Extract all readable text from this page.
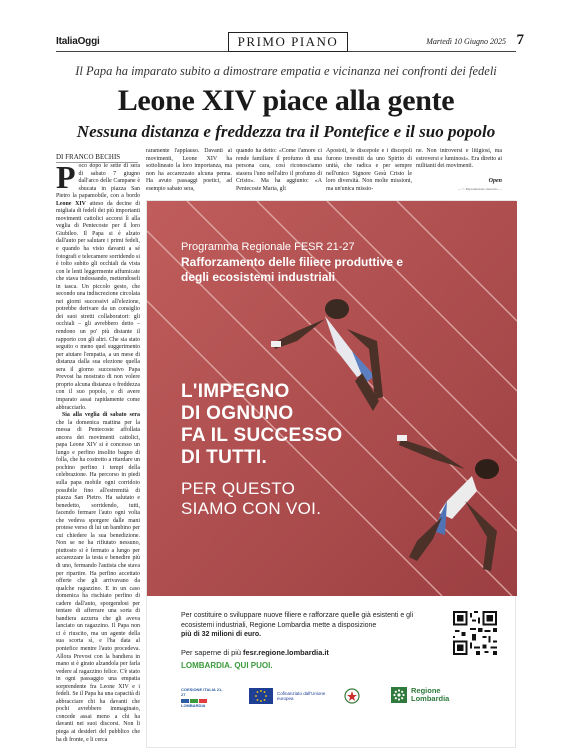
ItaliaOggi	PRIMO PIANO	Martedì 10 Giugno 2025 7
Il Papa ha imparato subito a dimostrare empatia e vicinanza nei confronti dei fedeli
Leone XIV piace alla gente
Nessuna distanza e freddezza tra il Pontefice e il suo popolo
DI FRANCO BECHIS

Poco dopo le sette di sera di sabato 7 giugno dall'arco delle Campane è sbucata in piazza San Pietro la papamobile, con a bordo Leone XIV atteso da decine di migliaia di fedeli dei più importanti movimenti cattolici accorsi lì alla veglia di Pentecoste per il loro Giubileo. Il Papa si è alzato dall'auto per salutare i primi fedeli, e quando ha visto davanti a sé fotografi e telecamere sorridendo si è tolto subito gli occhiali da vista con le lenti leggermente affumicate che stava indossando, mettendoseli in tasca. Un piccolo gesto, che secondo una indiscrezione circolata nei giorni successivi all'elezione, potrebbe derivare da un consiglio dei suoi stretti collaboratori: gli occhiali – gli avrebbero detto – rendono un po' più distante il rapporto con gli altri. Che sia stato seguito o meno quel suggerimento per aiutare l'empatia, a un mese di distanza dalla sua elezione quella sera il giorno successivo Papa Prevost ha mostrato di non volere proprio alcuna distanza o freddezza con il suo popolo, e di avere imparato assai rapidamente come abbracciarlo.

Sia alla veglia di sabato sera che la domenica mattina per la messa di Pentecoste affollata ancora dei movimenti cattolici, papa Leone XIV si è concesso un lungo e perfino insolito bagno di folla, che ha costretto a ritardare un pochino perfino i tempi della celebrazione. Ha percorso in piedi sulla papa mobile ogni corridoio possibile fino all'estremità di piazza San Pietro. Ha salutato e benedetto, sorridendo, tutti, facendo fermare l'auto ogni volta che vedeva sporgere dalle mani protese verso di lui un bambino per cui chiedere la sua benedizione. Non se ne ha rifiutato nessuno, piuttosto si è fermato a lungo per accarezzare la testa e benedire più di uno, fermando l'autista che stava per ripartire. Ha perfino accettato offerte che gli arrivavano da qualche ragazzino. E in un caso domenica ha rischiato perfino di cadere dall'auto, sporgendosi per tentare di afferrare una sorta di bandiera azzurra che gli aveva lanciato un ragazzino. Il Papa non ci è riuscito, ma un agente della sua scorta sì, e l'ha data al pontefice mentre l'auto procedeva. Allora Prevost con la bandiera in mano si è girato alzandola per farla vedere al ragazzino felice. C'è stato in ogni passaggio una empatia sorprendente fra Leone XIV e i fedeli. Se il Papa ha una capacità di abbracciare chi ha davanti che pochi avrebbero immaginato, concede assai meno a chi ha davanti nei suoi discorsi. Non li piega ai desideri del pubblico che ha di fronte, e li cerca

raramente l'applauso. Davanti ai movimenti, Leone XIV ha sottolineato la loro importanza, ma non ha accarezzato alcuna penna. Ha avuto passaggi poetici, ad esempio sabato sera,
quando ha detto: «Come l'amore ci rende familiare il profumo di una persona cara, così riconosciamo stasera l'uno nell'altro il profumo di Cristo». Ma ha aggiunto: «A Pentecoste Maria, gli
Apostoli, le discepole e i discepoli furono investiti da uno Spirito di unità, che radica e per sempre nell'unico Signore Gesù Cristo le loro diversità. Non molte missioni, ma un'unica missio-
ne. Non introversi e litigiosi, ma estroversi e luminosi». Era diretto ai militanti dei movimenti.
Open
— © Riproduzione riservata —
Programma Regionale FESR 21-27
Rafforzamento delle filiere produttive e degli ecosistemi industriali
L'IMPEGNO
DI OGNUNO
FA IL SUCCESSO
DI TUTTI.
PER QUESTO
SIAMO CON VOI.
Per costituire o sviluppare nuove filiere e rafforzare quelle già esistenti e gli ecosistemi industriali, Regione Lombardia mette a disposizione
più di 32 milioni di euro.
Per saperne di più fesr.regione.lombardia.it
LOMBARDIA. QUI PUOI.
COESIONE ITALIA 21-27
LOMBARDIA
Cofinanziato dall'Unione europea
Regione
Lombardia
